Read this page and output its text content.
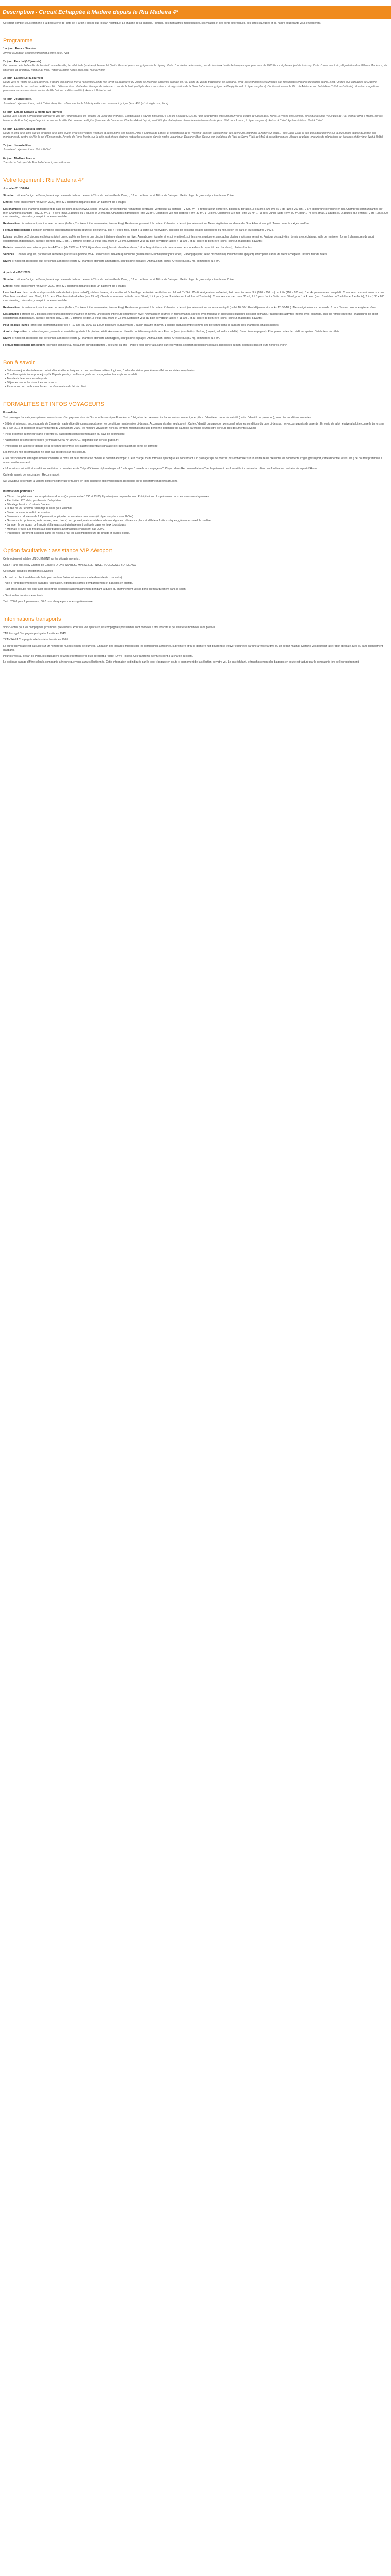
Description - Circuit Echappée à Madère depuis le Riu Madeira 4*

Ce circuit complet vous emmène à la découverte de cette île « jardin » posée sur l'océan Atlantique. La charme de sa capitale, Funchal, ses montagnes majestueuses, ses villages et ses ports pittoresques, ses côtes sauvages et sa nature exubérante vous envoûteront.

Programme
1er jour : France / Madère.

Arrivée à Madère, accueil et transfert à votre hôtel. Nuit.

2e jour : Funchal (1/2 journée)

Découverte de la belle ville de Funchal : la vieille ville, la cathédrale (extérieur), le marché (fruits, fleurs et poissons typiques de la région). Visite d'un atelier de broderie, puis du fabuleux Jardin botanique regroupant plus de 2000 fleurs et plantes (entrée incluse). Visite d'une cave à vin, dégustation du célèbre « Madère », vin liquoreux, et du gâteau typique au miel. Retour à l'hôtel. Après-midi libre. Nuit à l'hôtel.

3e jour : La côte Est (1 journée)

Route vers le Pointe de São Lourenço, s'étirant loin dans la mer à l'extrémité Est de l'île. Arrêt au belvédère du village de Machico, ancienne capitale de l'île. Visite du village traditionnel de Santana : avec ses étonnantes chaumières aux toits pentus entourés de jardins fleuris, il est l'un des plus agréables de Madère. Poursuite vers le parc naturel de Ribeiro Frio. Déjeuner libre. Visite d'un élevage de truites au cœur de la forêt protégée de « Laurissilva ». et dégustation de la "Poncha" boisson typique de l'île (optionnel, à régler sur place). Continuation vers le Pico do Arieiro et son belvédère (1 810 m d'altitude) offrant un magnifique panorama sur les massifs du centre de l'île (selon conditions météo). Retour à l'hôtel et nuit.

4e jour : Journée libre.

Journée et déjeuner libres, nuit à l'hôtel. En option : dîner spectacle folklorique dans un restaurant typique (env. 45€ (prix à régler sur place).

5e jour : Eira do Serrado & Monte (1/2 journée)

Départ vers Eira do Serrado pour admirer la vue sur l'amphithéâtre de Funchal (la vallée des Nonnes). Continuation à travers bois jusqu'à Eira do Serrado (1026 m) : par beau temps, vous pourrez voir le village de Curral das Freiras, la Vallée des Nonnes, ainsi que les plus vieux pics de l'île. Dernier arrêt à Monte, sur les hauteurs de Funchal, superbe point de vue sur la ville. Découverte de l'église (tombeau de l'empereur Charles d'Autriche) et possibilité (facultative) une descente en traîneau d'osier (env. 30 € pour 2 pers., à régler sur place). Retour à l'hôtel. Après-midi libre. Nuit à l'hôtel.

6e jour : La côte Ouest (1 journée)

Route le long de la côte sud en direction de la côte ouest, avec ses villages typiques et petits ports, ses plages. Arrêt à Camara de Lobos, et dégustation de la "Nikinha" boisson traditionnelle des pêcheurs (optionnel, à régler sur place). Puis Cabo Girão et son belvédère perché sur la plus haute falaise d'Europe, les montagnes du centre de l'île, le col d'Encumeada. Arrivée de Porto Moniz, sur la côte nord et ses piscines naturelles creusées dans la roche volcanique. Déjeuner libre. Retour par le plateau de Paul da Serra (Paúl do Mar) et ses pittoresques villages de pêche entourés de plantations de bananes et de vigne. Nuit à l'hôtel.

7e jour : Journée libre

Journée et déjeuner libres. Nuit à l'hôtel.

8e jour : Madère / France

Transfert à l'aéroport de Funchal et envol pour la France.

Votre logement : Riu Madeira 4*

Jusqu'au 31/10/2024

Situation : situé à Caniço de Baixo, face à la promenade du front de mer, à 2 km du centre-ville de Caniço, 13 km de Funchal et 10 km de l'aéroport. Petite plage de galets et ponton devant l'hôtel.

L'hôtel : hôtel entièrement rénové en 2022, offre 327 chambres réparties dans un bâtiment de 7 étages.

Les chambres : les chambres disposent de salle de bains (douche/WC), sèche-cheveux, air conditionné / chauffage centralisé, ventilateur au plafond, TV Sat., Wi-Fi, réfrigérateur, coffre-fort, balcon ou terrasse. 3 lit (180 x 200 cm) ou 2 lits (110 x 200 cm), 2 à 4 lit pour une personne en cal. Chambres communicantes sur mer. Chambres standard : env. 30 m², 1 - 4 pers (max. 3 adultes ou 2 adultes et 2 enfants). Chambres individuelles (env. 23 m²). Chambres vue mer partielle : env. 30 m², 1 - 3 pers. Chambres vue mer : env. 30 m², 1 - 3 pers. Junior Suite : env. 50 m², pour 1 - 4 pers. (max. 3 adultes ou 2 adultes et 2 enfants), 2 lits (135 x 200 cm), dressing, coin salon, canapé lit, vue mer frontale.

Restauration : le restaurant principal avec terrasse (buffets, 2 soirées à thème/semaine, live cooking). Restaurant gourmet à la carte « Kulinarium » le soir (sur réservation). Menu végétarien sur demande. Snack-bar et une grill. Tenue correcte exigée au dîner.

Formule tout compris : pension complète au restaurant principal (buffets), déjeuner au grill + Pepe's food, dîner à la carte sur réservation, sélection de boissons locales alcoolisées ou non, selon les bars et leurs horaires 24h/24.

Loisirs : profitez de 2 piscines extérieures (dont une chauffée en hiver) / une piscine intérieure chauffée en hiver. Animation en journée et le soir (variées), soirées avec musique et spectacles plusieurs soirs par semaine. Pratique des activités : tennis avec éclairage, salle de remise en forme à chaussures de sport obligatoires). Indépendant, payant : plongée (env. 1 km), 2 terrains de golf 18 trous (env. 9 km et 23 km). Détendez-vous au bain de vapeur (accès + 18 ans), et au centre de bien-être (soins, coiffeur, massages, payants).

Enfants : mini-club international pour les 4-12 ans, (de 15/07 au 15/09, 6 jours/semaine), bassin chauffé en hiver, 1,6 table gratuit (compte comme une personne dans la capacité des chambres), chaises hautes.

Services : Chaises longues, parasols et serviettes gratuits à la piscine, Wi-Fi. Ascenseurs. Navette quotidienne gratuite vers Funchal (sauf jours fériés). Parking (payant, selon disponibilité). Blanchisserie (payant). Principales cartes de crédit acceptées. Distributeur de billets.

Divers : l'hôtel est accessible aux personnes à mobilité réduite (2 chambres standard aménagées, sauf piscine et plage). Animaux non admis. Arrêt de bus (50 m), commerces à 2 km.

A partir du 01/11/2024

Situation : situé à Caniço de Baixo, face à la promenade du front de mer, à 2 km du centre-ville de Caniço, 13 km de Funchal et 10 km de l'aéroport. Petite plage de galets et ponton devant l'hôtel.

L'hôtel : hôtel entièrement rénové en 2022, offre 327 chambres réparties dans un bâtiment de 7 étages.

Les chambres : les chambres disposent de salle de bains (douche/WC), sèche-cheveux, air conditionné / chauffage centralisé, ventilateur au plafond, TV Sat., Wi-Fi, réfrigérateur, coffre-fort, balcon ou terrasse. 3 lit (180 x 200 cm) ou 2 lits (110 x 200 cm), 3 et 4e personne en canapé-lit. Chambres communicantes sur mer. Chambres standard : env. 30 m², 1 à 3 pers. Chambres individuelles (env. 25 m²). Chambres vue mer partielle : env. 30 m², 1 à 4 pers (max. 3 adultes ou 2 adultes et 2 enfants). Chambres vue mer : env. 30 m², 1 à 3 pers. Junior Suite : env. 50 m², pour 1 à 4 pers. (max. 3 adultes ou 2 adultes et 2 enfants), 2 lits (135 x 200 cm), dressing, coin salon, canapé lit, vue mer frontale.

Restauration : le restaurant principal avec terrasse (buffets, 2 soirées à thème/semaine, live cooking). Restaurant gourmet à la carte « Kulinarium » le soir (sur réservation), un restaurant grill (buffet 10h30-12h et déjeuner et snacks 12h30-18h). Menu végétarien sur demande. 3 bars. Tenue correcte exigée au dîner.

Les activités : profitez de 2 piscines extérieures (dont une chauffée en hiver) / une piscine intérieure chauffée en hiver. Animation en journée (4 fois/semaine), soirées avec musique et spectacles plusieurs soirs par semaine. Pratique des activités : tennis avec éclairage, salle de remise en forme (chaussures de sport obligatoires). Indépendant, payant : plongée (env. 1 km), 2 terrains de golf 18 trous (env. 9 km et 23 km). Détendez-vous au bain de vapeur (accès + 18 ans), et au centre de bien-être (soins, coiffeur, massages, payants).

Pour les plus jeunes : mini-club international pour les 4 - 12 ans (du 15/07 au 15/09, plusieurs jours/semaine), bassin chauffé en hiver, 1 lit bébé gratuit (compte comme une personne dans la capacité des chambres), chaises hautes.

A votre disposition : chaises longues, parasols et serviettes gratuits à la piscine, Wi-Fi. Ascenseurs. Navette quotidienne gratuite vers Funchal (sauf jours fériés). Parking (payant, selon disponibilité). Blanchisserie (payant). Principales cartes de crédit acceptées. Distributeur de billets.

Divers : l'hôtel est accessible aux personnes à mobilité réduite (2 chambres standard aménagées, sauf piscine et plage). Animaux non admis. Arrêt de bus (50 m), commerces à 2 km.

Formule tout compris (en option) : pension complète au restaurant principal (buffets), déjeuner au grill + Pepe's food, dîner à la carte sur réservation, sélection de boissons locales alcoolisées ou non, selon les bars et leurs horaires 24h/24.

Bon à savoir
• Selon votre jour d'arrivée et/ou du fait d'impératifs techniques ou des conditions météorologiques, l'ordre des visites peut être modifié ou les visites remplacées.
• Chauffeur-guide francophone jusqu'à 19 participants, chauffeur + guide accompagnateur francophone au-delà.
• Transferts de et vers les aéroports.
• Déjeuner non inclus durant les excursions.
• Excursions non remboursables en cas d'annulation du fait du client.
FORMALITES ET INFOS VOYAGEURS
Formalités :

Tout passager français, européen ou ressortissant d'un pays membre de l'Espace Économique Européen a l'obligation de présenter, à chaque embarquement, une pièce d'identité en cours de validité (carte d'identité ou passeport), selon les conditions suivantes :

• Bébés et mineurs : accompagnés de 2 parents : carte d'identité ou passeport selon les conditions mentionnées ci-dessus. Accompagnés d'un seul parent : Carte d'identité ou passeport personnel selon les conditions du pays ci-dessus, non-accompagnés de parents : En vertu de la loi relative à la lutte contre le terrorisme du 3 juin 2016 et du décret gouvernemental du 2 novembre 2016, les mineurs voyageant hors du territoire national sans une personne détentrice de l'autorité parentale devront être porteurs des documents suivants :

• Pièce d'identité du mineur (carte d'identité ou passeport selon réglementation du pays de destination)

• Autorisation de sortie de territoire (formulaire Cerfa N° 15646*01 disponible sur service-public.fr)

• Photocopie de la pièce d'identité de la personne détentrice de l'autorité parentale signataire de l'autorisation de sortie de territoire.

Les mineurs non accompagnés ne sont pas acceptés sur nos séjours.

• Les ressortissants étrangers doivent consulter le consulat de la destination choisie et doivent accomplir, à leur charge, toute formalité spécifique les concernant. Un passager qui ne pourrait pas embarquer sur un vol faute de présenter les documents exigés (passeport, carte d'identité, visas, etc.) ne pourrait prétendre à aucun remboursement.

• Informations, sécurité et conditions sanitaires : consultez le site "http://XXXwww.diplomatie.gouv.fr", rubrique "conseils aux voyageurs". Cliquez dans Recommandations(?) et le paiement des formalités incombent au client, sauf indication contraire de la part d'Havas

Carte de santé / de vaccination : Recommandé.

Sur voyageur se rendant à Madère doit renseigner un formulaire en ligne (enquête épidémiologique) accessible sur la plateforme madeirasafe.com.

Informations pratiques :
• Climat : tempéré avec des températures douces (moyenne entre 16°C et 23°C). Il y a toujours un peu de vent. Précipitations plus présentes dans les zones montagneuses.
• Electricité : 220 Volts, pas besoin d'adaptateur.
• Décalage horaire : -1h toute l'année.
• Durée de vol : environ 3h10 depuis Paris pour Funchal.
• Santé : aucune formalité nécessaire.
• Savoir-vivre : douleurs de 2 € pers/nuit, appliquée par certaines communes (à régler sur place avec l'hôtel).
• Gastronomie : poissons, fruits de mer, veau, bœuf, porc, poulet, mais aussi de nombreux légumes cultivés sur place et délicieux fruits exotiques, gâteau aux miel, le madère.
• Langue : le portugais. Le français et l'anglais sont généralement pratiqués dans les lieux touristiques.
• Monnaie : l'euro. Les retraits aux distributeurs automatiques encaissent pas 200 €.
• Pourboires : librement acceptés dans les hôtels. Pour les accompagnateurs de circuits et guides locaux.
Option facultative : assistance VIP Aéroport

Cette option est valable UNIQUEMENT sur les départs suivants :

ORLY (Paris ou Roissy Charles de Gaulle) / LYON / NANTES / MARSEILLE / NICE / TOULOUSE / BORDEAUX

Ce service inclut les prestations suivantes :

- Accueil du client en dehors de l'aéroport ou dans l'aéroport selon vos mode d'arrivée (taxi ou autre)

- Aide à l'enregistrement des bagages, vérification, édition des cartes d'embarquement et bagages en priorité.

- Fast Track (coupe file) pour aller au contrôle de police (accompagnement pendant la durée du cheminement vers la porte d'embarquement dans la salon

- Gestion des imprévus éventuels

Tarif : 200 € pour 2 personnes ; 50 € pour chaque personne supplémentaire

Informations transports

Voir ci-après pour les compagnies (exemples, prévisibles). Pour les vols spéciaux, les compagnies pressenties sont données à titre indicatif et peuvent être modifiées sans préavis.

TAP Portugal Compagnie portugaise fondée en 1945

TRANSAVIA Compagnie néerlandaise fondée en 1965

La durée du voyage est calculée sur un nombre de nuitées et non de journées. En raison des horaires imposés par les compagnies aériennes, la première et/ou la dernière nuit pourront se trouver écourtées par une arrivée tardive ou un départ matinal. Certains vols peuvent faire l'objet d'escale avec ou sans changement d'appareil.

Pour les vols au départ de Paris, les passagers peuvent être transférés d'un aéroport à l'autre (Orly / Roissy). Ces transferts éventuels sont à la charge du client.

La politique bagage diffère selon la compagnie aérienne que vous aurez sélectionnée. Cette information est indiquée par le logo « bagage en soute » au moment de la sélection de votre vol. Le cas échéant, le franchissement des bagages en soute est facturé par la compagnie lors de l'enregistrement.
